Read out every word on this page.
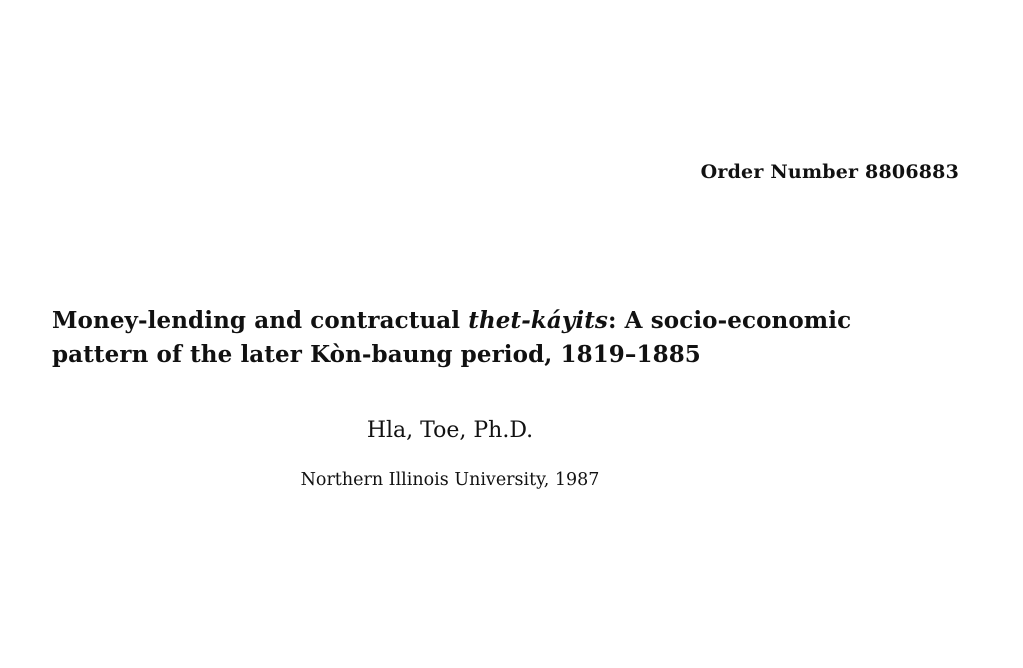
Order Number 8806883
Money-lending and contractual thet-káyits: A socio-economic
pattern of the later Kòn-baung period, 1819–1885
Hla, Toe, Ph.D.
Northern Illinois University, 1987
